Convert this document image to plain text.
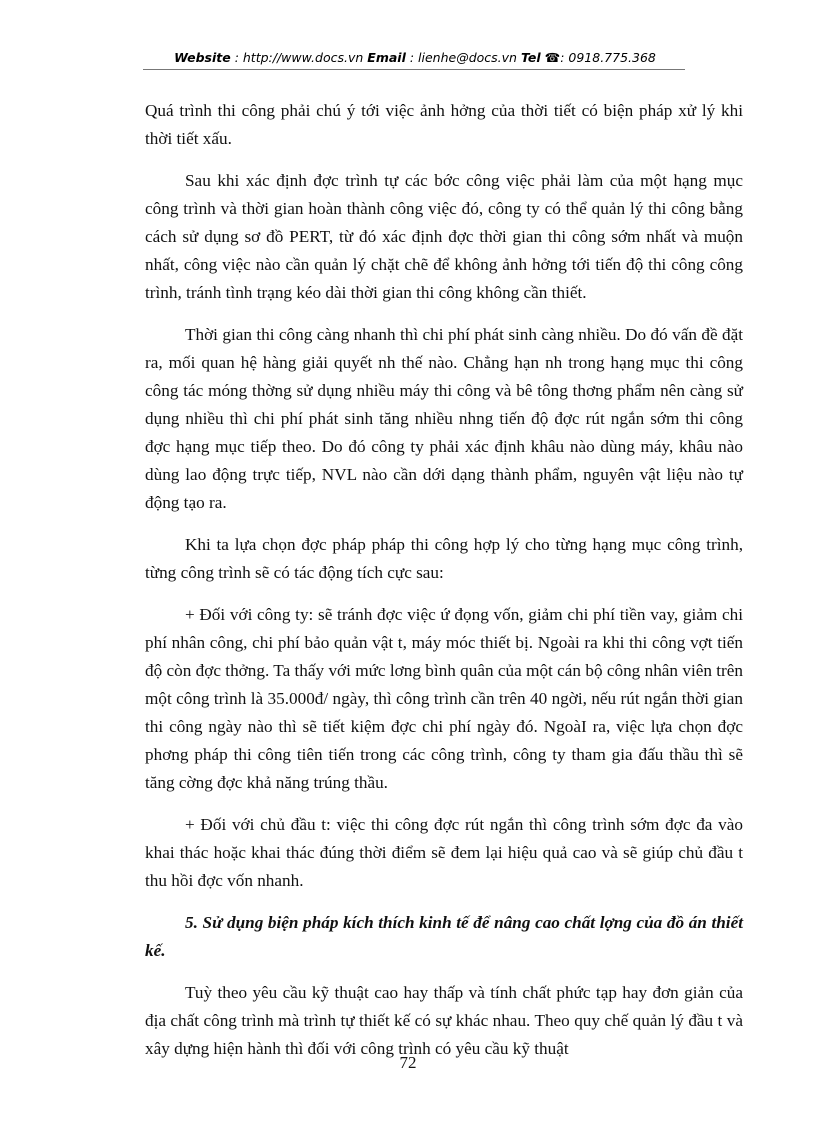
Website : http://www.docs.vn Email : lienhe@docs.vn Tel ☎: 0918.775.368

Quá trình thi công phải chú ý tới việc ảnh hởng của thời tiết có biện pháp xử lý khi thời tiết xấu.

Sau khi xác định đợc trình tự các bớc công việc phải làm của một hạng mục công trình và thời gian hoàn thành công việc đó, công ty có thể quản lý thi công bằng cách sử dụng sơ đồ PERT, từ đó xác định đợc thời gian thi công sớm nhất và muộn nhất, công việc nào cần quản lý chặt chẽ để không ảnh hởng tới tiến độ thi công công trình, tránh tình trạng kéo dài thời gian thi công không cần thiết.

Thời gian thi công càng nhanh thì chi phí phát sinh càng nhiều. Do đó vấn đề đặt ra, mối quan hệ hàng giải quyết nh thế nào. Chẳng hạn nh trong hạng mục thi công công tác móng thờng sử dụng nhiều máy thi công và bê tông thơng phẩm nên càng sử dụng nhiều thì chi phí phát sinh tăng nhiều nhng tiến độ đợc rút ngắn sớm thi công đợc hạng mục tiếp theo. Do đó công ty phải xác định khâu nào dùng máy, khâu nào dùng lao động trực tiếp, NVL nào cần dới dạng thành phẩm, nguyên vật liệu nào tự động tạo ra.

Khi ta lựa chọn đợc pháp pháp thi công hợp lý cho từng hạng mục công trình, từng công trình sẽ có tác động tích cực sau:

+ Đối với công ty: sẽ tránh đợc việc ứ đọng vốn, giảm chi phí tiền vay, giảm chi phí nhân công, chi phí bảo quản vật t, máy móc thiết bị. Ngoài ra khi thi công vợt tiến độ còn đợc thởng. Ta thấy với mức lơng bình quân của một cán bộ công nhân viên trên một công trình là 35.000đ/ ngày, thì công trình cần trên 40 ngời, nếu rút ngắn thời gian thi công ngày nào thì sẽ tiết kiệm đợc chi phí ngày đó. NgoàI ra, việc lựa chọn đợc phơng pháp thi công tiên tiến trong các công trình, công ty tham gia đấu thầu thì sẽ tăng cờng đợc khả năng trúng thầu.

+ Đối với chủ đầu t: việc thi công đợc rút ngắn thì công trình sớm đợc đa vào khai thác hoặc khai thác đúng thời điểm sẽ đem lại hiệu quả cao và sẽ giúp chủ đầu t thu hồi đợc vốn nhanh.

5. Sử dụng biện pháp kích thích kinh tế để nâng cao chất lợng của đồ án thiết kế.

Tuỳ theo yêu cầu kỹ thuật cao hay thấp và tính chất phức tạp hay đơn giản của địa chất công trình mà trình tự thiết kế có sự khác nhau. Theo quy chế quản lý đầu t và xây dựng hiện hành thì đối với công trình có yêu cầu kỹ thuật

72
